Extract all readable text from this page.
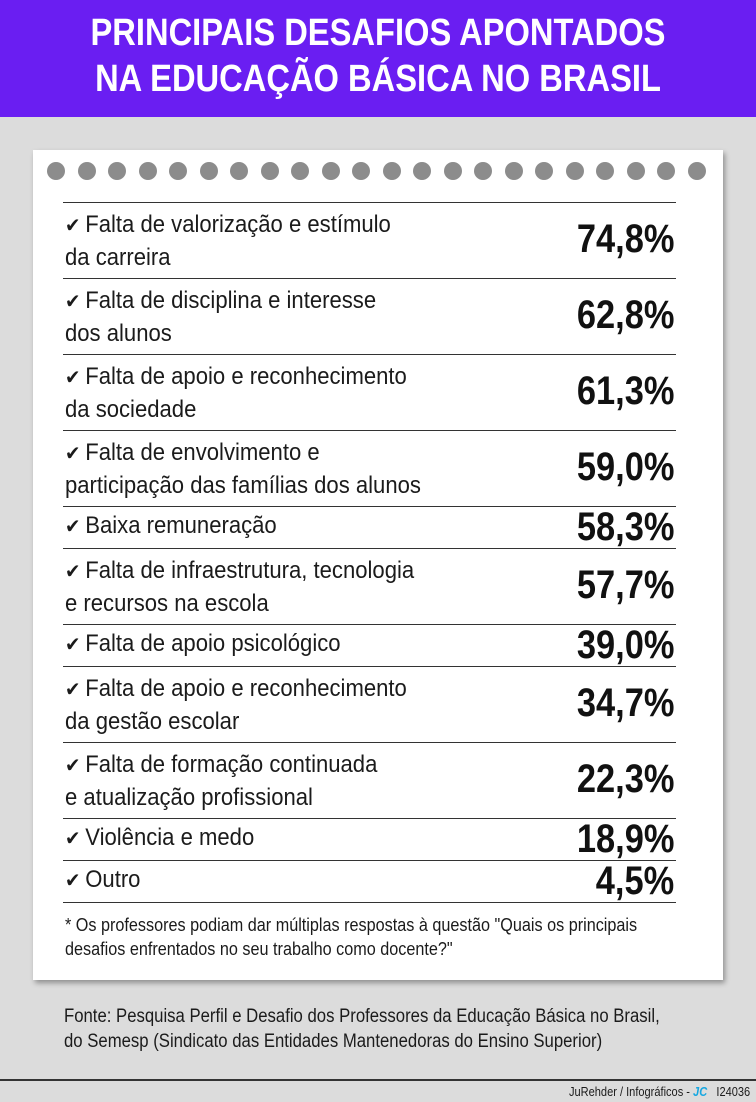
PRINCIPAIS DESAFIOS APONTADOS
NA EDUCAÇÃO BÁSICA NO BRASIL
✔ Falta de valorização e estímulo
da carreira	74,8%
✔ Falta de disciplina e interesse
dos alunos	62,8%
✔ Falta de apoio e reconhecimento
da sociedade	61,3%
✔ Falta de envolvimento e
participação das famílias dos alunos	59,0%
✔ Baixa remuneração	58,3%
✔ Falta de infraestrutura, tecnologia
e recursos na escola	57,7%
✔ Falta de apoio psicológico	39,0%
✔ Falta de apoio e reconhecimento
da gestão escolar	34,7%
✔ Falta de formação continuada
e atualização profissional	22,3%
✔ Violência e medo	18,9%
✔ Outro	4,5%
* Os professores podiam dar múltiplas respostas à questão "Quais os principais
desafios enfrentados no seu trabalho como docente?"
Fonte: Pesquisa Perfil e Desafio dos Professores da Educação Básica no Brasil,
do Semesp (Sindicato das Entidades Mantenedoras do Ensino Superior)
JuRehder / Infográficos - JC I24036
